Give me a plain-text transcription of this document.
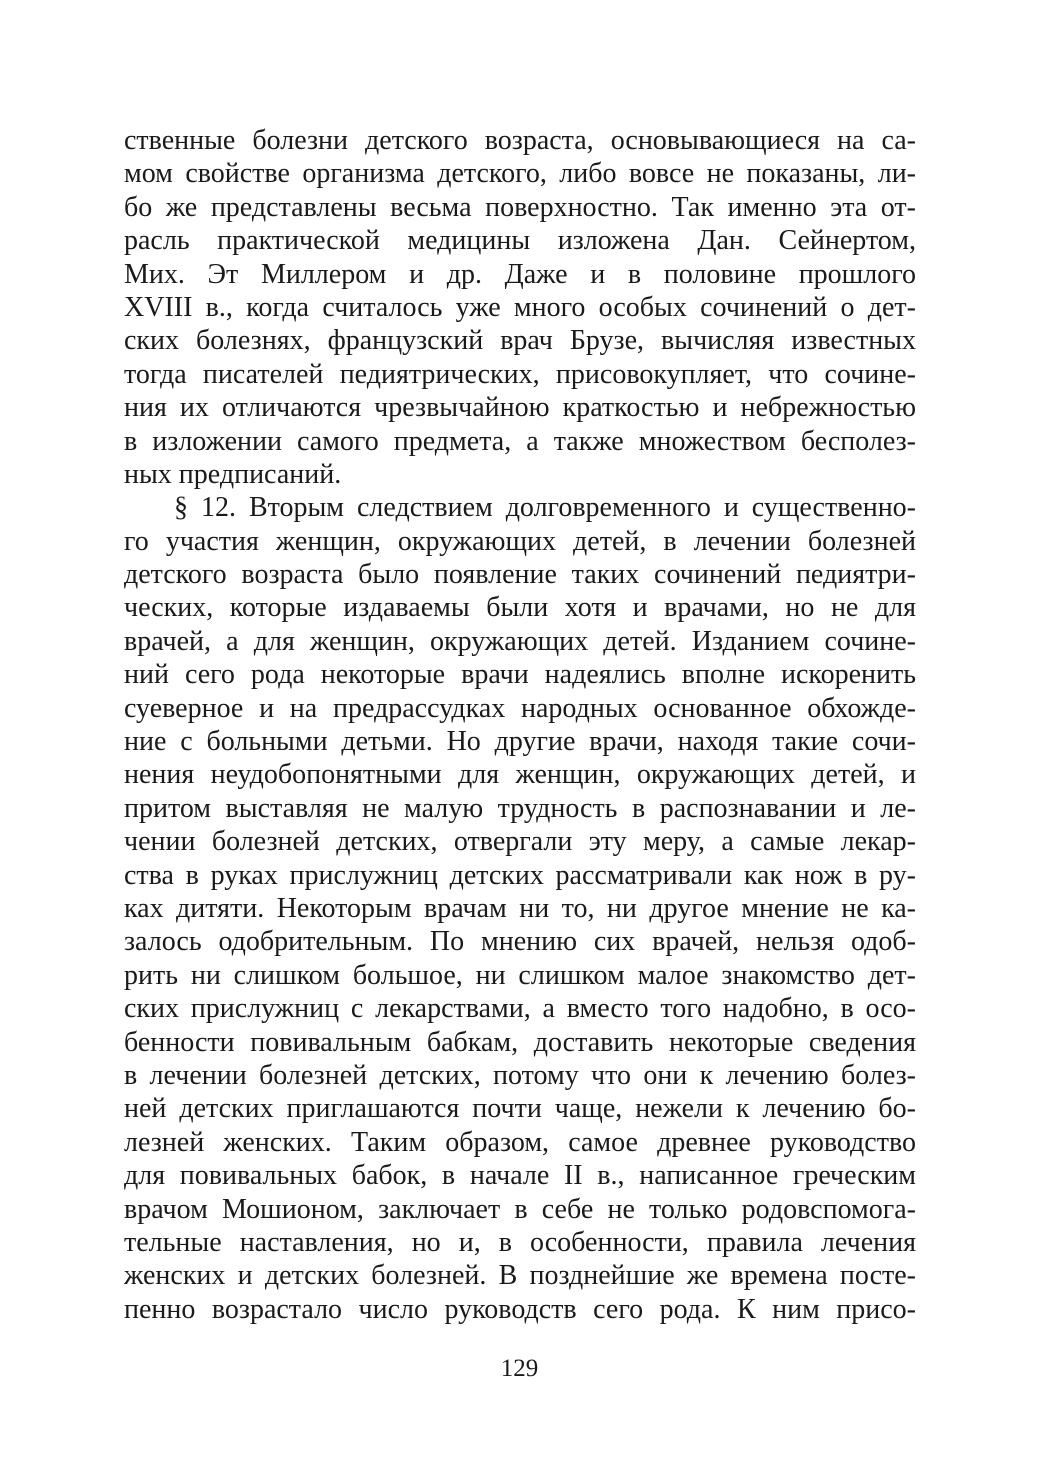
ственные болезни детского возраста, основывающиеся на са-
мом свойстве организма детского, либо вовсе не показаны, ли-
бо же представлены весьма поверхностно. Так именно эта от-
расль практической медицины изложена Дан. Сейнертом,
Мих. Эт Миллером и др. Даже и в половине прошлого
XVIII в., когда считалось уже много особых сочинений о дет-
ских болезнях, французский врач Брузе, вычисляя известных
тогда писателей педиятрических, присовокупляет, что сочине-
ния их отличаются чрезвычайною краткостью и небрежностью
в изложении самого предмета, а также множеством бесполез-
ных предписаний.
§ 12. Вторым следствием долговременного и существенно-
го участия женщин, окружающих детей, в лечении болезней
детского возраста было появление таких сочинений педиятри-
ческих, которые издаваемы были хотя и врачами, но не для
врачей, а для женщин, окружающих детей. Изданием сочине-
ний сего рода некоторые врачи надеялись вполне искоренить
суеверное и на предрассудках народных основанное обхожде-
ние с больными детьми. Но другие врачи, находя такие сочи-
нения неудобопонятными для женщин, окружающих детей, и
притом выставляя не малую трудность в распознавании и ле-
чении болезней детских, отвергали эту меру, а самые лекар-
ства в руках прислужниц детских рассматривали как нож в ру-
ках дитяти. Некоторым врачам ни то, ни другое мнение не ка-
залось одобрительным. По мнению сих врачей, нельзя одоб-
рить ни слишком большое, ни слишком малое знакомство дет-
ских прислужниц с лекарствами, а вместо того надобно, в осо-
бенности повивальным бабкам, доставить некоторые сведения
в лечении болезней детских, потому что они к лечению болез-
ней детских приглашаются почти чаще, нежели к лечению бо-
лезней женских. Таким образом, самое древнее руководство
для повивальных бабок, в начале II в., написанное греческим
врачом Мошионом, заключает в себе не только родовспомога-
тельные наставления, но и, в особенности, правила лечения
женских и детских болезней. В позднейшие же времена посте-
пенно возрастало число руководств сего рода. К ним присо-
129
